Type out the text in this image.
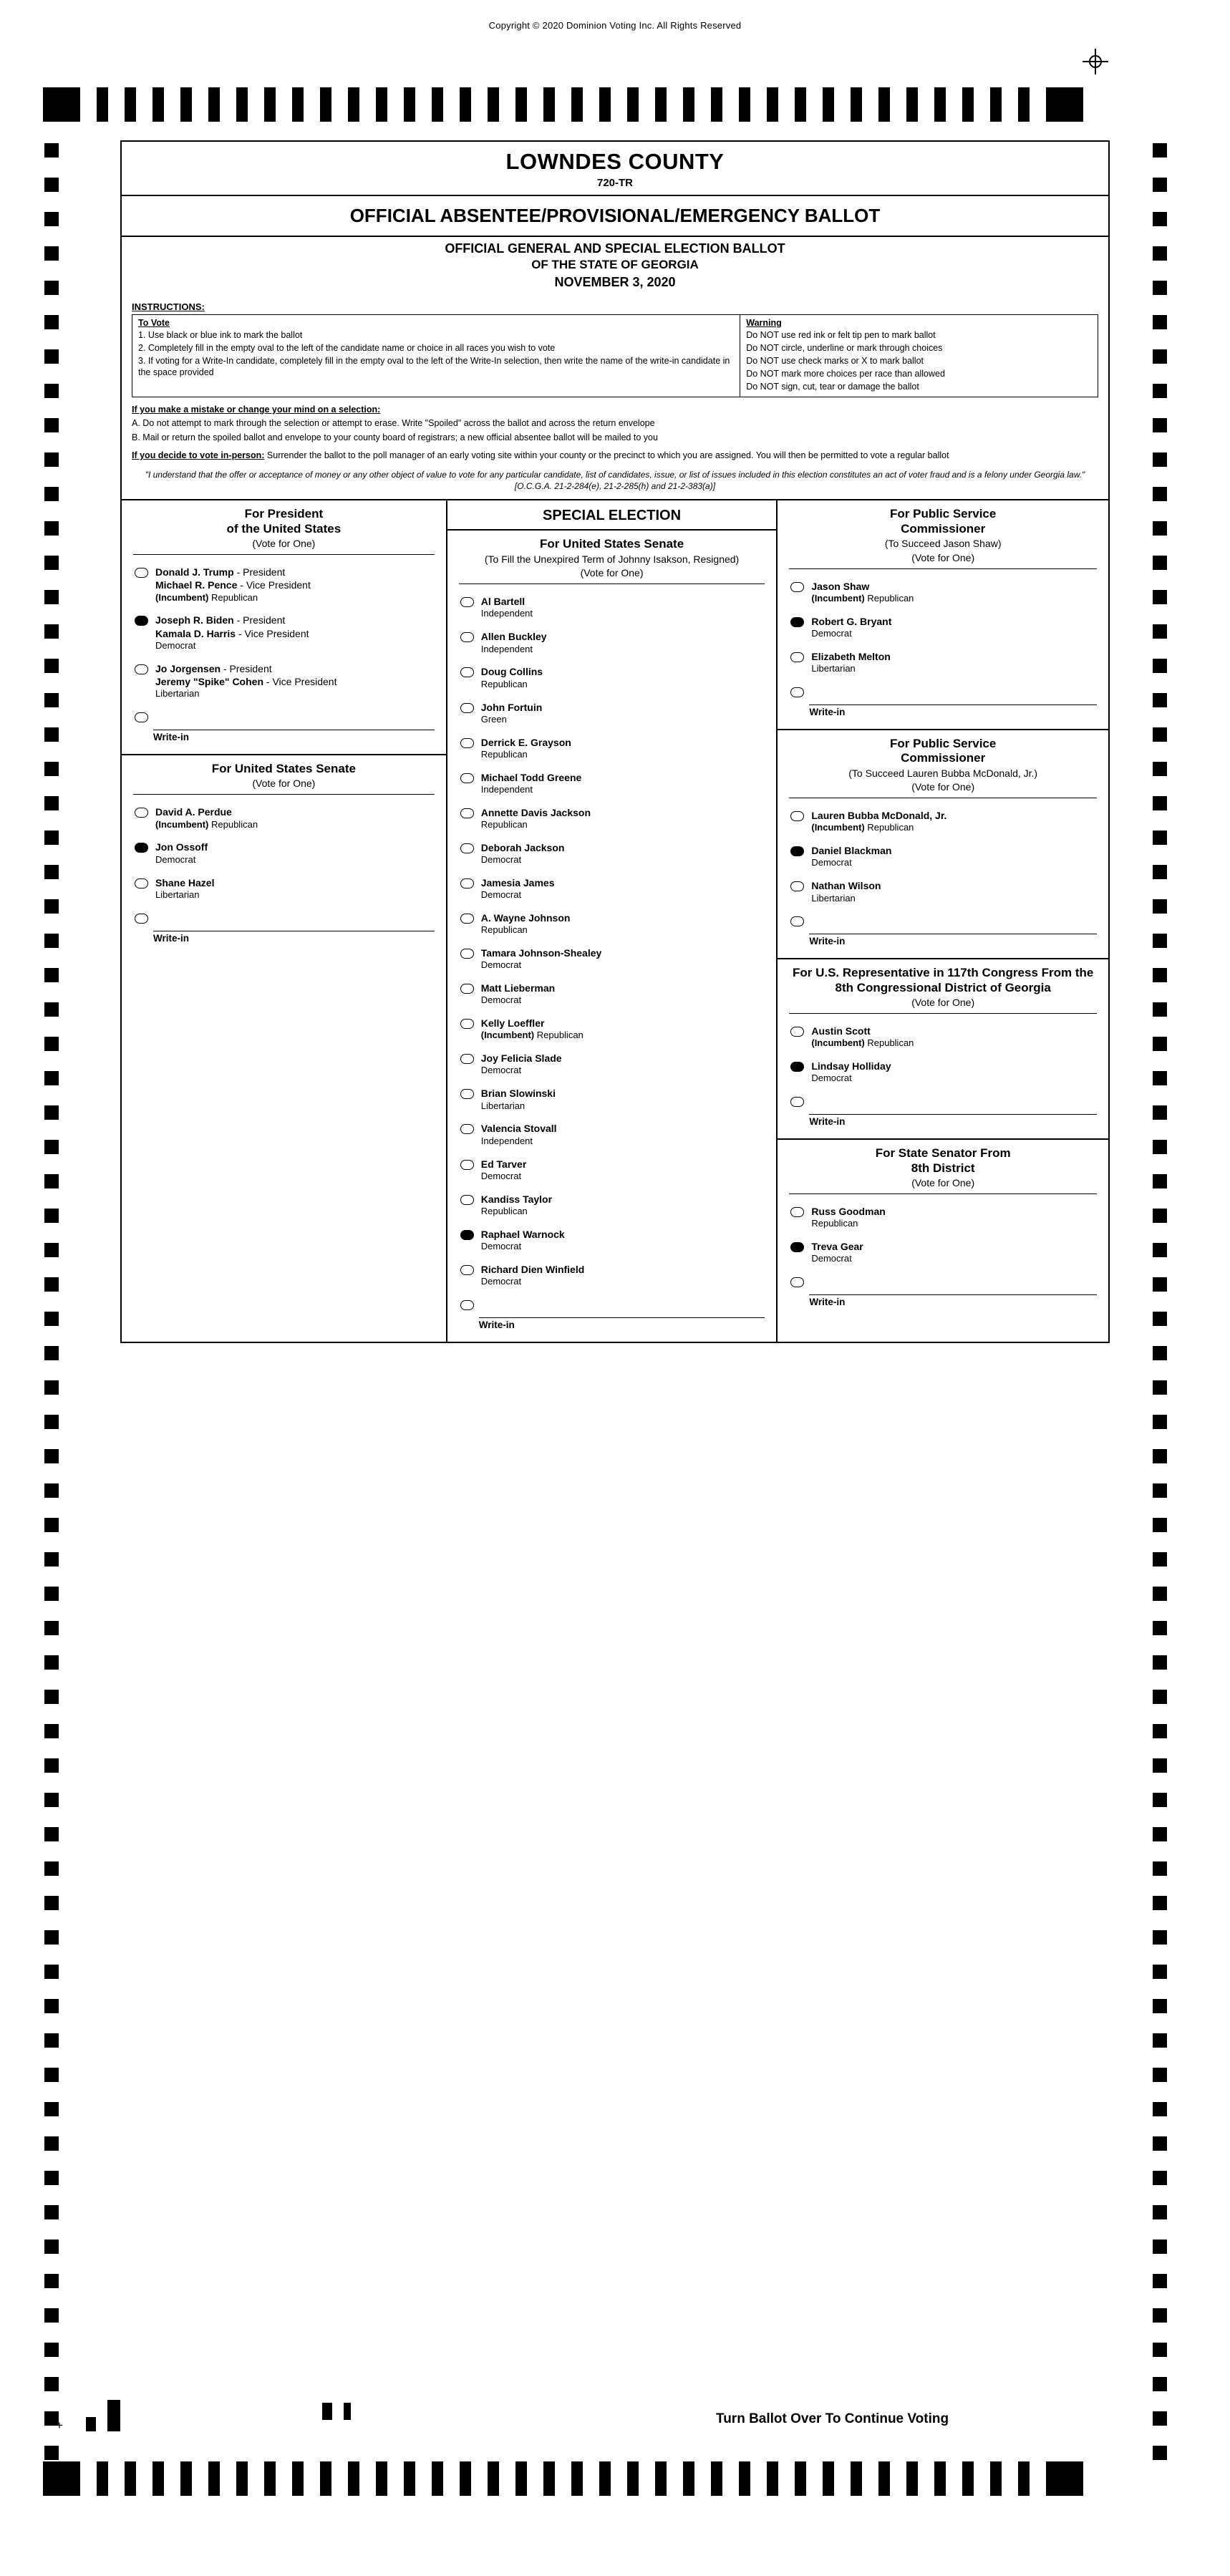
Copyright © 2020 Dominion Voting Inc. All Rights Reserved
LOWNDES COUNTY
720-TR
OFFICIAL ABSENTEE/PROVISIONAL/EMERGENCY BALLOT
OFFICIAL GENERAL AND SPECIAL ELECTION BALLOT
OF THE STATE OF GEORGIA
NOVEMBER 3, 2020
INSTRUCTIONS:
To Vote
1. Use black or blue ink to mark the ballot
2. Completely fill in the empty oval to the left of the candidate name or choice in all races you wish to vote
3. If voting for a Write-In candidate, completely fill in the empty oval to the left of the Write-In selection, then write the name of the write-in candidate in the space provided
Warning
Do NOT use red ink or felt tip pen to mark ballot
Do NOT circle, underline or mark through choices
Do NOT use check marks or X to mark ballot
Do NOT mark more choices per race than allowed
Do NOT sign, cut, tear or damage the ballot
If you make a mistake or change your mind on a selection:
A. Do not attempt to mark through the selection or attempt to erase. Write "Spoiled" across the ballot and across the return envelope
B. Mail or return the spoiled ballot and envelope to your county board of registrars; a new official absentee ballot will be mailed to you
If you decide to vote in-person: Surrender the ballot to the poll manager of an early voting site within your county or the precinct to which you are assigned. You will then be permitted to vote a regular ballot
"I understand that the offer or acceptance of money or any other object of value to vote for any particular candidate, list of candidates, issue, or list of issues included in this election constitutes an act of voter fraud and is a felony under Georgia law." [O.C.G.A. 21-2-284(e), 21-2-285(h) and 21-2-383(a)]
For President
of the United States
(Vote for One)
Donald J. Trump - President
Michael R. Pence - Vice President
(Incumbent) Republican
Joseph R. Biden - President
Kamala D. Harris - Vice President
Democrat
Jo Jorgensen - President
Jeremy "Spike" Cohen - Vice President
Libertarian
Write-in
For United States Senate
(Vote for One)
David A. Perdue
(Incumbent) Republican
Jon Ossoff
Democrat
Shane Hazel
Libertarian
Write-in
SPECIAL ELECTION
For United States Senate
(To Fill the Unexpired Term of Johnny Isakson, Resigned)
(Vote for One)
Al Bartell
Independent
Allen Buckley
Independent
Doug Collins
Republican
John Fortuin
Green
Derrick E. Grayson
Republican
Michael Todd Greene
Independent
Annette Davis Jackson
Republican
Deborah Jackson
Democrat
Jamesia James
Democrat
A. Wayne Johnson
Republican
Tamara Johnson-Shealey
Democrat
Matt Lieberman
Democrat
Kelly Loeffler
(Incumbent) Republican
Joy Felicia Slade
Democrat
Brian Slowinski
Libertarian
Valencia Stovall
Independent
Ed Tarver
Democrat
Kandiss Taylor
Republican
Raphael Warnock
Democrat
Richard Dien Winfield
Democrat
Write-in
For Public Service
Commissioner
(To Succeed Jason Shaw)
(Vote for One)
Jason Shaw
(Incumbent) Republican
Robert G. Bryant
Democrat
Elizabeth Melton
Libertarian
Write-in
For Public Service
Commissioner
(To Succeed Lauren Bubba McDonald, Jr.)
(Vote for One)
Lauren Bubba McDonald, Jr.
(Incumbent) Republican
Daniel Blackman
Democrat
Nathan Wilson
Libertarian
Write-in
For U.S. Representative in 117th Congress From the 8th Congressional District of Georgia
(Vote for One)
Austin Scott
(Incumbent) Republican
Lindsay Holliday
Democrat
Write-in
For State Senator From
8th District
(Vote for One)
Russ Goodman
Republican
Treva Gear
Democrat
Write-in
+	Turn Ballot Over To Continue Voting
